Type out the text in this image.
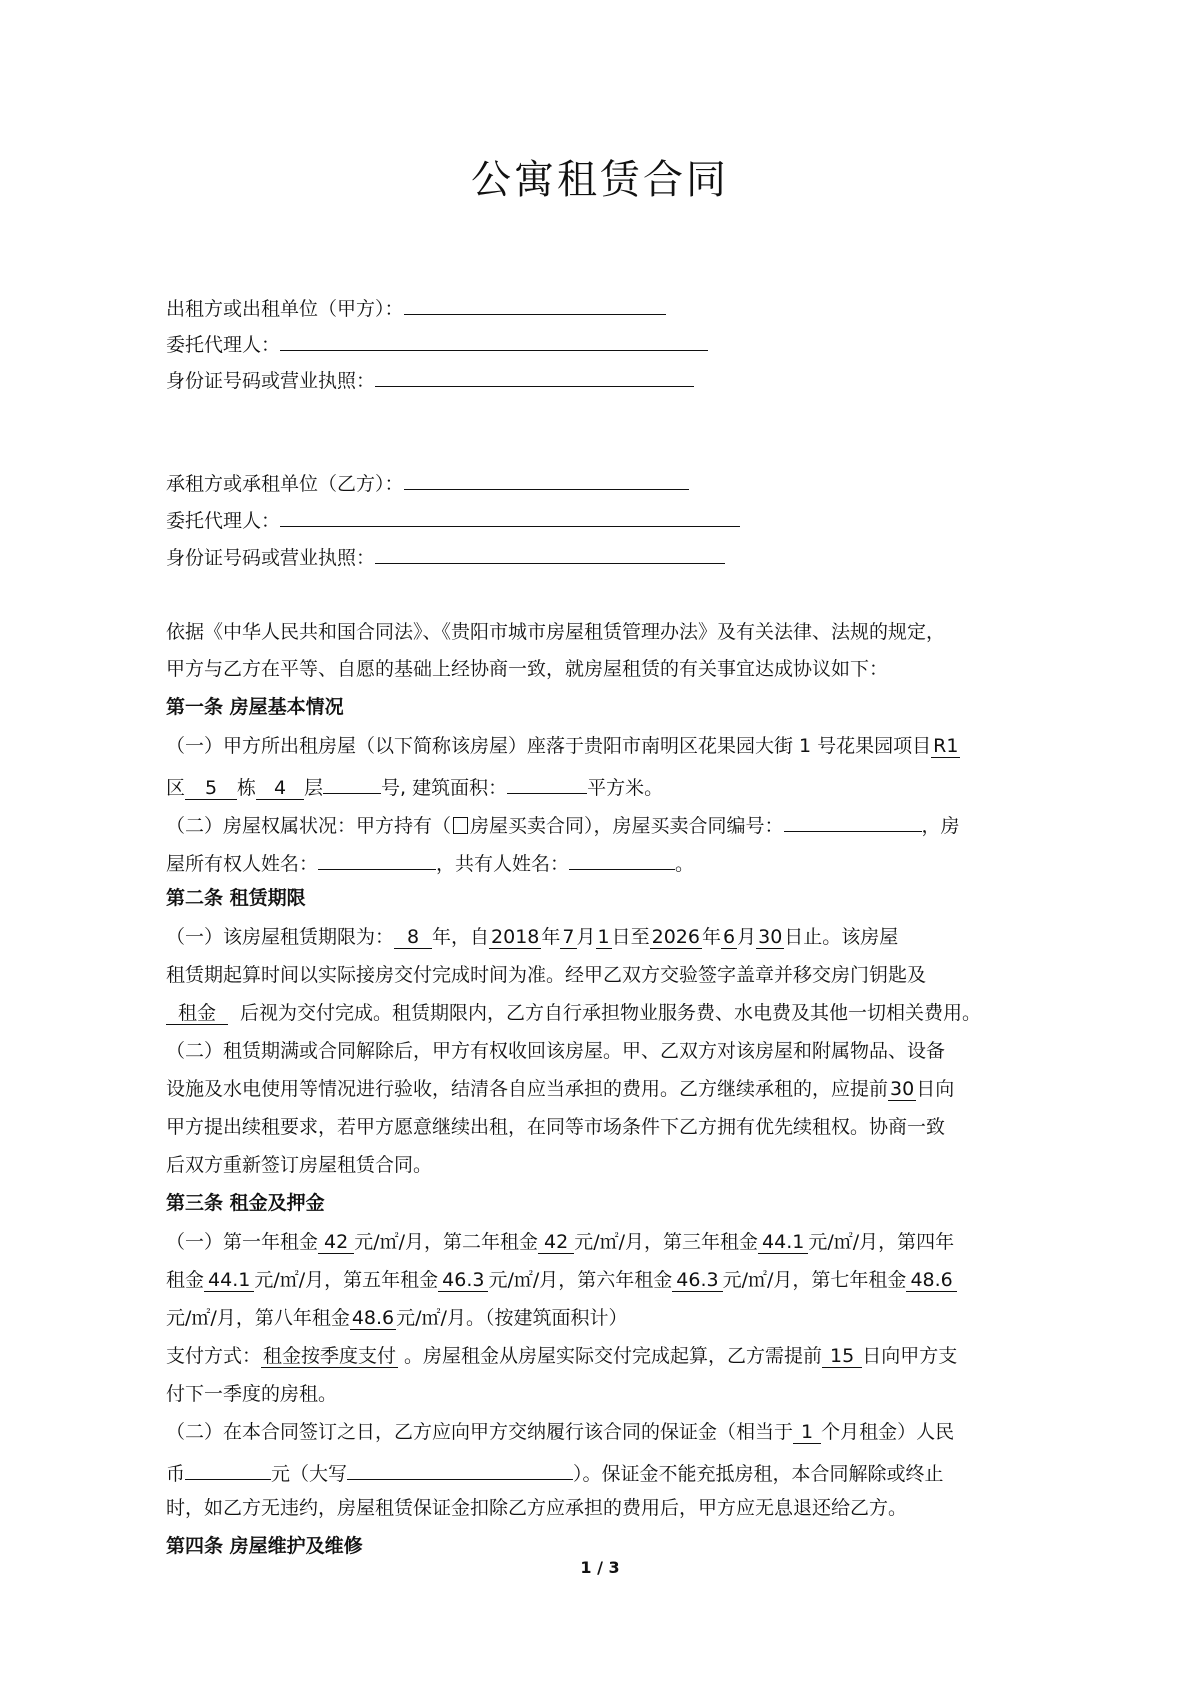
公寓租赁合同
出租方或出租单位（甲方）：
委托代理人：
身份证号码或营业执照：
承租方或承租单位（乙方）：
委托代理人：
身份证号码或营业执照：
依据《中华人民共和国合同法》、《贵阳市城市房屋租赁管理办法》及有关法律、法规的规定，
甲方与乙方在平等、自愿的基础上经协商一致，就房屋租赁的有关事宜达成协议如下：
第一条 房屋基本情况
（一）甲方所出租房屋（以下简称该房屋）座落于贵阳市南明区花果园大街 1 号花果园项目 R1
区 5 栋 4 层	号, 建筑面积：	平方米。
（二）房屋权属状况：甲方持有（ 房屋买卖合同），房屋买卖合同编号：	，房
屋所有权人姓名：	，共有人姓名：	。
第二条 租赁期限
（一）该房屋租赁期限为： 8 年，自 2018 年 7 月 1 日至 2026 年 6 月 30 日止。该房屋
租赁期起算时间以实际接房交付完成时间为准。经甲乙双方交验签字盖章并移交房门钥匙及
租金 后视为交付完成。租赁期限内，乙方自行承担物业服务费、水电费及其他一切相关费用。
（二）租赁期满或合同解除后，甲方有权收回该房屋。甲、乙双方对该房屋和附属物品、设备
设施及水电使用等情况进行验收，结清各自应当承担的费用。乙方继续承租的，应提前 30 日向
甲方提出续租要求，若甲方愿意继续出租，在同等市场条件下乙方拥有优先续租权。协商一致
后双方重新签订房屋租赁合同。
第三条 租金及押金
（一）第一年租金 42 元/㎡/月，第二年租金 42 元/㎡/月，第三年租金 44.1 元/㎡/月，第四年
租金 44.1 元/㎡/月，第五年租金 46.3 元/㎡/月，第六年租金 46.3 元/㎡/月，第七年租金 48.6
元/㎡/月，第八年租金 48.6 元/㎡/月。（按建筑面积计）
支付方式： 租金按季度支付 。房屋租金从房屋实际交付完成起算，乙方需提前 15 日向甲方支
付下一季度的房租。
（二）在本合同签订之日，乙方应向甲方交纳履行该合同的保证金（相当于 1 个月租金）人民
币	元（大写	）。保证金不能充抵房租，本合同解除或终止
时，如乙方无违约，房屋租赁保证金扣除乙方应承担的费用后，甲方应无息退还给乙方。
第四条 房屋维护及维修
1 / 3
